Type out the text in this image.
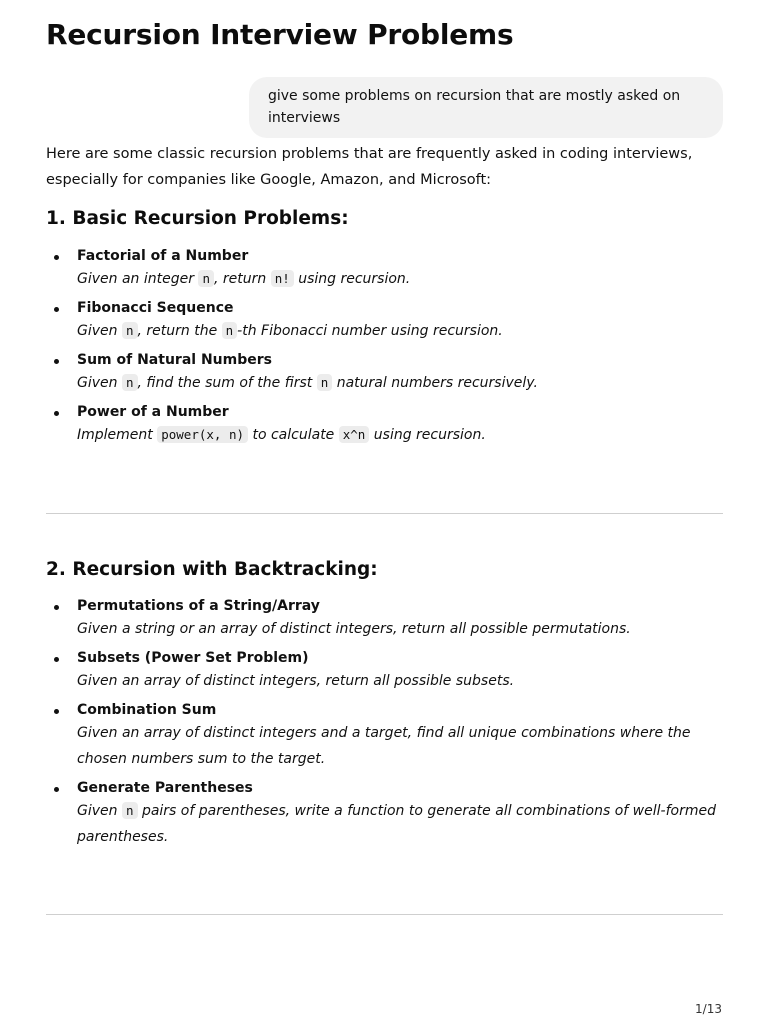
Recursion Interview Problems
give some problems on recursion that are mostly asked on interviews

Here are some classic recursion problems that are frequently asked in coding interviews, especially for companies like Google, Amazon, and Microsoft:

1. Basic Recursion Problems:
Factorial of a Number
Given an integer n , return n! using recursion.
Fibonacci Sequence
Given n , return the n -th Fibonacci number using recursion.
Sum of Natural Numbers
Given n , find the sum of the first n natural numbers recursively.
Power of a Number
Implement power(x, n) to calculate x^n using recursion.
2. Recursion with Backtracking:
Permutations of a String/Array
Given a string or an array of distinct integers, return all possible permutations.
Subsets (Power Set Problem)
Given an array of distinct integers, return all possible subsets.
Combination Sum
Given an array of distinct integers and a target, find all unique combinations where the chosen numbers sum to the target.
Generate Parentheses
Given n pairs of parentheses, write a function to generate all combinations of well-formed parentheses.
1/13
